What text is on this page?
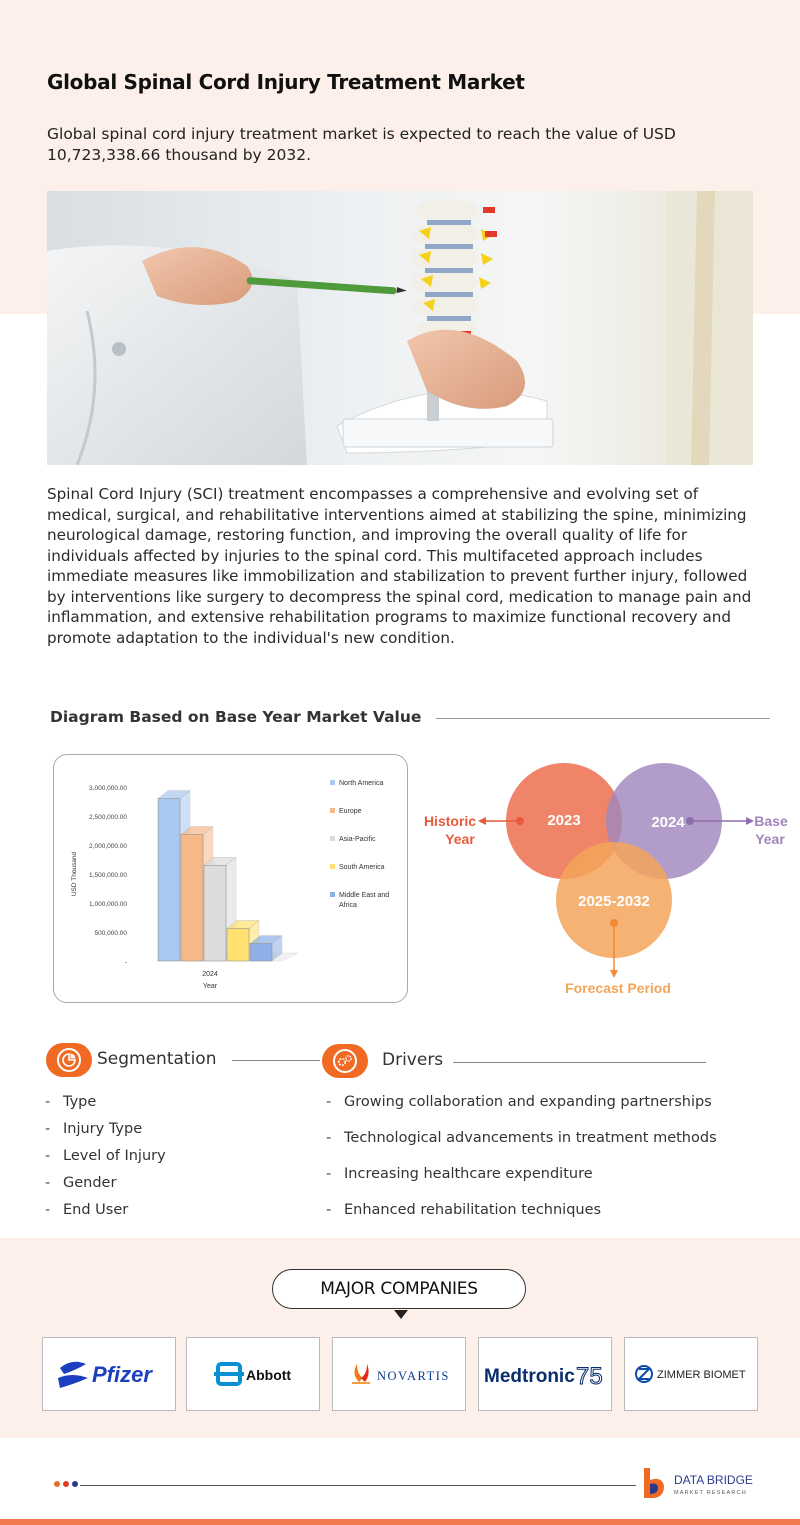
Global Spinal Cord Injury Treatment Market

Global spinal cord injury treatment market is expected to reach the value of USD 10,723,338.66 thousand by 2032.

Spinal Cord Injury (SCI) treatment encompasses a comprehensive and evolving set of medical, surgical, and rehabilitative interventions aimed at stabilizing the spine, minimizing neurological damage, restoring function, and improving the overall quality of life for individuals affected by injuries to the spinal cord. This multifaceted approach includes immediate measures like immobilization and stabilization to prevent further injury, followed by interventions like surgery to decompress the spinal cord, medication to manage pain and inflammation, and extensive rehabilitation programs to maximize functional recovery and promote adaptation to the individual's new condition.

Diagram Based on Base Year Market Value
3,000,000.00
2,500,000.00
2,000,000.00
1,500,000.00
1,000,000.00
500,000.00
-
USD Thousand
2024
Year
North America
Europe
Asia-Pacific
South America
Middle East and
Africa
2023	2024
2025-2032
Historic
Year
Base
Year
Forecast Period
Segmentation	Drivers
- Type
- Injury Type
- Level of Injury
- Gender
- End User
- Growing collaboration and expanding partnerships
- Technological advancements in treatment methods
- Increasing healthcare expenditure
- Enhanced rehabilitation techniques
MAJOR COMPANIES
Pfizer	Abbott	NOVARTIS Medtronic 75	ZIMMER BIOMET
DATA BRIDGE
MARKET RESEARCH
